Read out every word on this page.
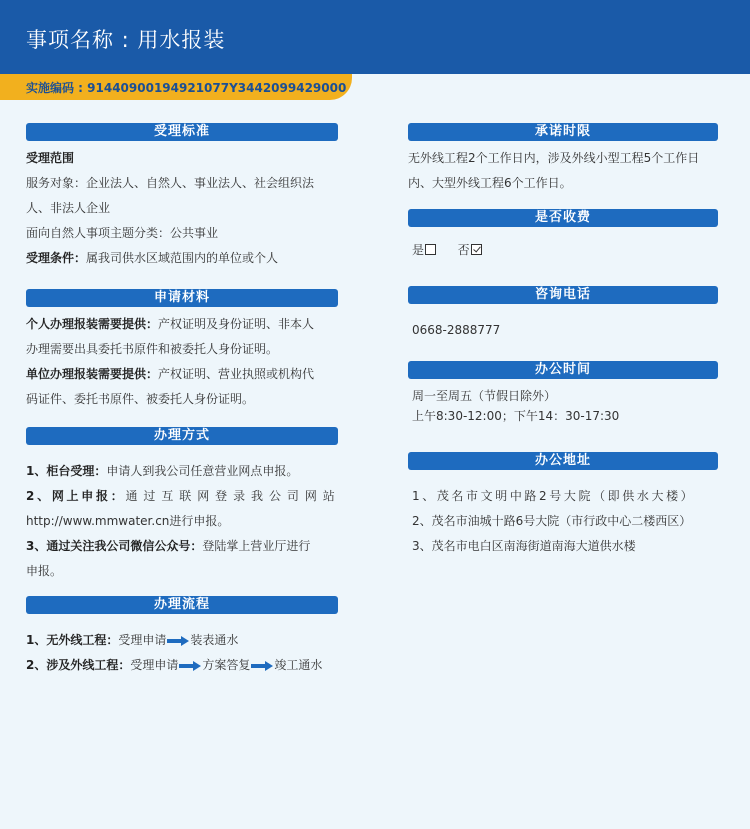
事项名称 : 用水报装
实施编码 : 9144090019492107​7Y3442099429000
受理标准

受理范围

服务对象：企业法人、自然人、事业法人、社会组织法

人、非法人企业

面向自然人事项主题分类：公共事业

受理条件：属我司供水区域范围内的单位或个人

申请材料

个人办理报装需要提供：产权证明及身份证明、非本人

办理需要出具委托书原件和被委托人身份证明。

单位办理报装需要提供：产权证明、营业执照或机构代

码证件、委托书原件、被委托人身份证明。

办理方式

1、柜台受理：申请人到我公司任意营业网点申报。

2、网上申报：通过互联网登录我公司网站

http://www.mmwater.cn进行申报。

3、通过关注我公司微信公众号：登陆掌上营业厅进行

申报。

办理流程

1、无外线工程：受理申请 装表通水

2、涉及外线工程：受理申请 方案答复 竣工通水

承诺时限

无外线工程2个工作日内，涉及外线小型工程5个工作日

内、大型外线工程6个工作日。

是否收费

是	否

咨询电话

0668-2888777

办公时间

周一至周五（节假日除外）

上午8:30-12:00；下午14：30-17:30

办公地址

1、茂名市文明中路2号大院（即供水大楼）

2、茂名市油城十路6号大院（市行政中心二楼西区）

3、茂名市电白区南海街道南海大道供水楼
